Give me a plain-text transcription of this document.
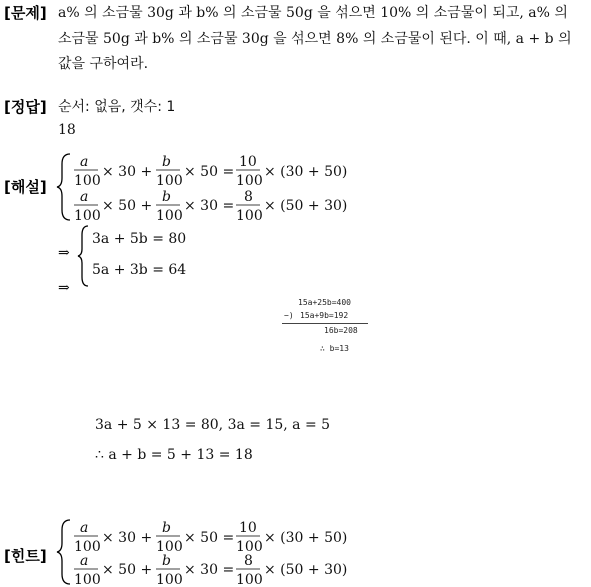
[문제]
[정답]
[해설]
[힌트]
a% 의 소금물 30g 과 b% 의 소금물 50g 을 섞으면 10% 의 소금물이 되고, a% 의
소금물 50g 과 b% 의 소금물 30g 을 섞으면 8% 의 소금물이 된다. 이 때, a + b 의
값을 구하여라.
순서: 없음, 갯수: 1
18
a
100
× 30 +
b
100
× 50 =
10
100
× (30 + 50)
a
100
× 50 +
b
100
× 30 =
8
100
× (50 + 30)
⇒
⇒
3a + 5b = 80
5a + 3b = 64
15a+25b=400
−) 15a+9b=192
16b=208
∴ b=13
3a + 5 × 13 = 80, 3a = 15, a = 5
∴ a + b = 5 + 13 = 18
a
100
× 30 +
b
100
× 50 =
10
100
× (30 + 50)
a
100
× 50 +
b
100
× 30 =
8
100
× (50 + 30)
